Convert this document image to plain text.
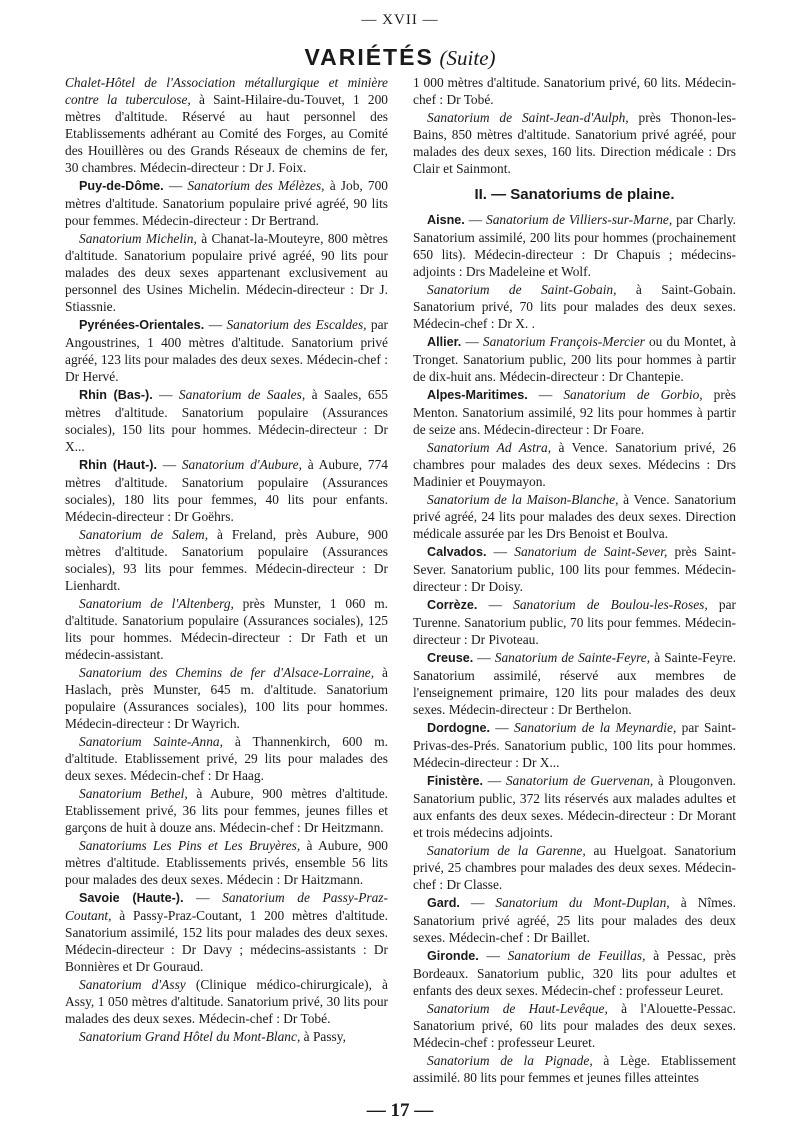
— XVII —
VARIÉTÉS (Suite)

Chalet-Hôtel de l'Association métallurgique et minière contre la tuberculose, à Saint-Hilaire-du-Touvet, 1 200 mètres d'altitude. Réservé au haut personnel des Etablissements adhérant au Comité des Forges, au Comité des Houillères ou des Grands Réseaux de chemins de fer, 30 chambres. Médecin-directeur : Dr J. Foix.

Puy-de-Dôme. — Sanatorium des Mélèzes, à Job, 700 mètres d'altitude. Sanatorium populaire privé agréé, 90 lits pour femmes. Médecin-directeur : Dr Bertrand.

Sanatorium Michelin, à Chanat-la-Mouteyre, 800 mètres d'altitude. Sanatorium populaire privé agréé, 90 lits pour malades des deux sexes appartenant exclusivement au personnel des Usines Michelin. Médecin-directeur : Dr J. Stiassnie.

Pyrénées-Orientales. — Sanatorium des Escaldes, par Angoustrines, 1 400 mètres d'altitude. Sanatorium privé agréé, 123 lits pour malades des deux sexes. Médecin-chef : Dr Hervé.

Rhin (Bas-). — Sanatorium de Saales, à Saales, 655 mètres d'altitude. Sanatorium populaire (Assurances sociales), 150 lits pour hommes. Médecin-directeur : Dr X...

Rhin (Haut-). — Sanatorium d'Aubure, à Aubure, 774 mètres d'altitude. Sanatorium populaire (Assurances sociales), 180 lits pour femmes, 40 lits pour enfants. Médecin-directeur : Dr Goëhrs.

Sanatorium de Salem, à Freland, près Aubure, 900 mètres d'altitude. Sanatorium populaire (Assurances sociales), 93 lits pour femmes. Médecin-directeur : Dr Lienhardt.

Sanatorium de l'Altenberg, près Munster, 1 060 m. d'altitude. Sanatorium populaire (Assurances sociales), 125 lits pour hommes. Médecin-directeur : Dr Fath et un médecin-assistant.

Sanatorium des Chemins de fer d'Alsace-Lorraine, à Haslach, près Munster, 645 m. d'altitude. Sanatorium populaire (Assurances sociales), 100 lits pour hommes. Médecin-directeur : Dr Wayrich.

Sanatorium Sainte-Anna, à Thannenkirch, 600 m. d'altitude. Etablissement privé, 29 lits pour malades des deux sexes. Médecin-chef : Dr Haag.

Sanatorium Bethel, à Aubure, 900 mètres d'altitude. Etablissement privé, 36 lits pour femmes, jeunes filles et garçons de huit à douze ans. Médecin-chef : Dr Heitzmann.

Sanatoriums Les Pins et Les Bruyères, à Aubure, 900 mètres d'altitude. Etablissements privés, ensemble 56 lits pour malades des deux sexes. Médecin : Dr Haitzmann.

Savoie (Haute-). — Sanatorium de Passy-Praz-Coutant, à Passy-Praz-Coutant, 1 200 mètres d'altitude. Sanatorium assimilé, 152 lits pour malades des deux sexes. Médecin-directeur : Dr Davy ; médecins-assistants : Dr Bonnières et Dr Gouraud.

Sanatorium d'Assy (Clinique médico-chirurgicale), à Assy, 1 050 mètres d'altitude. Sanatorium privé, 30 lits pour malades des deux sexes. Médecin-chef : Dr Tobé.

Sanatorium Grand Hôtel du Mont-Blanc, à Passy,

1 000 mètres d'altitude. Sanatorium privé, 60 lits. Médecin-chef : Dr Tobé.

Sanatorium de Saint-Jean-d'Aulph, près Thonon-les-Bains, 850 mètres d'altitude. Sanatorium privé agréé, pour malades des deux sexes, 160 lits. Direction médicale : Drs Clair et Sainmont.

II. — Sanatoriums de plaine.

Aisne. — Sanatorium de Villiers-sur-Marne, par Charly. Sanatorium assimilé, 200 lits pour hommes (prochainement 650 lits). Médecin-directeur : Dr Chapuis ; médecins-adjoints : Drs Madeleine et Wolf.

Sanatorium de Saint-Gobain, à Saint-Gobain. Sanatorium privé, 70 lits pour malades des deux sexes. Médecin-chef : Dr X. .

Allier. — Sanatorium François-Mercier ou du Montet, à Tronget. Sanatorium public, 200 lits pour hommes à partir de dix-huit ans. Médecin-directeur : Dr Chantepie.

Alpes-Maritimes. — Sanatorium de Gorbio, près Menton. Sanatorium assimilé, 92 lits pour hommes à partir de seize ans. Médecin-directeur : Dr Foare.

Sanatorium Ad Astra, à Vence. Sanatorium privé, 26 chambres pour malades des deux sexes. Médecins : Drs Madinier et Pouymayon.

Sanatorium de la Maison-Blanche, à Vence. Sanatorium privé agréé, 24 lits pour malades des deux sexes. Direction médicale assurée par les Drs Benoist et Boulva.

Calvados. — Sanatorium de Saint-Sever, près Saint-Sever. Sanatorium public, 100 lits pour femmes. Médecin-directeur : Dr Doisy.

Corrèze. — Sanatorium de Boulou-les-Roses, par Turenne. Sanatorium public, 70 lits pour femmes. Médecin-directeur : Dr Pivoteau.

Creuse. — Sanatorium de Sainte-Feyre, à Sainte-Feyre. Sanatorium assimilé, réservé aux membres de l'enseignement primaire, 120 lits pour malades des deux sexes. Médecin-directeur : Dr Berthelon.

Dordogne. — Sanatorium de la Meynardie, par Saint-Privas-des-Prés. Sanatorium public, 100 lits pour hommes. Médecin-directeur : Dr X...

Finistère. — Sanatorium de Guervenan, à Plougonven. Sanatorium public, 372 lits réservés aux malades adultes et aux enfants des deux sexes. Médecin-directeur : Dr Morant et trois médecins adjoints.

Sanatorium de la Garenne, au Huelgoat. Sanatorium privé, 25 chambres pour malades des deux sexes. Médecin-chef : Dr Classe.

Gard. — Sanatorium du Mont-Duplan, à Nîmes. Sanatorium privé agréé, 25 lits pour malades des deux sexes. Médecin-chef : Dr Baillet.

Gironde. — Sanatorium de Feuillas, à Pessac, près Bordeaux. Sanatorium public, 320 lits pour adultes et enfants des deux sexes. Médecin-chef : professeur Leuret.

Sanatorium de Haut-Levêque, à l'Alouette-Pessac. Sanatorium privé, 60 lits pour malades des deux sexes. Médecin-chef : professeur Leuret.

Sanatorium de la Pignade, à Lège. Etablissement assimilé. 80 lits pour femmes et jeunes filles atteintes

— 17 —
